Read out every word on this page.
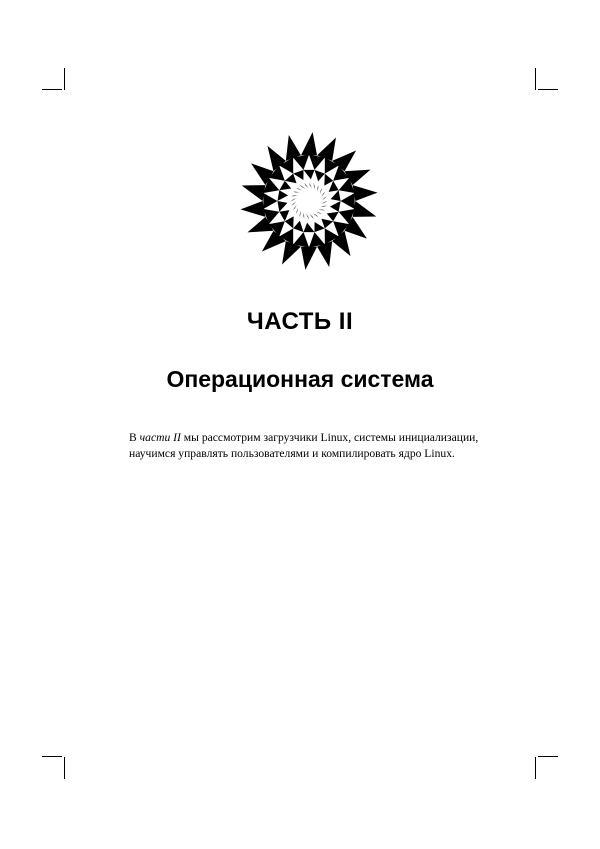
ЧАСТЬ II
Операционная система
В части II мы рассмотрим загрузчики Linux, системы инициализации,
научимся управлять пользователями и компилировать ядро Linux.
